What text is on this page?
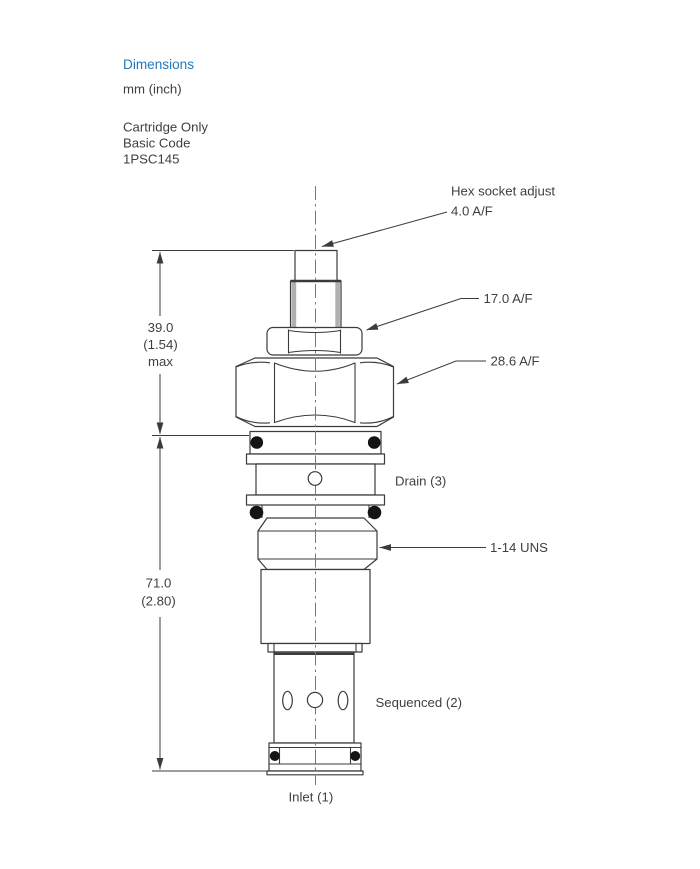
Dimensions
mm (inch)
Cartridge Only
Basic Code
1PSC145
39.0
(1.54)
max
71.0
(2.80)
Hex socket adjust
4.0 A/F
17.0 A/F
28.6 A/F
1-14 UNS
Drain (3)
Sequenced (2)
Inlet (1)
